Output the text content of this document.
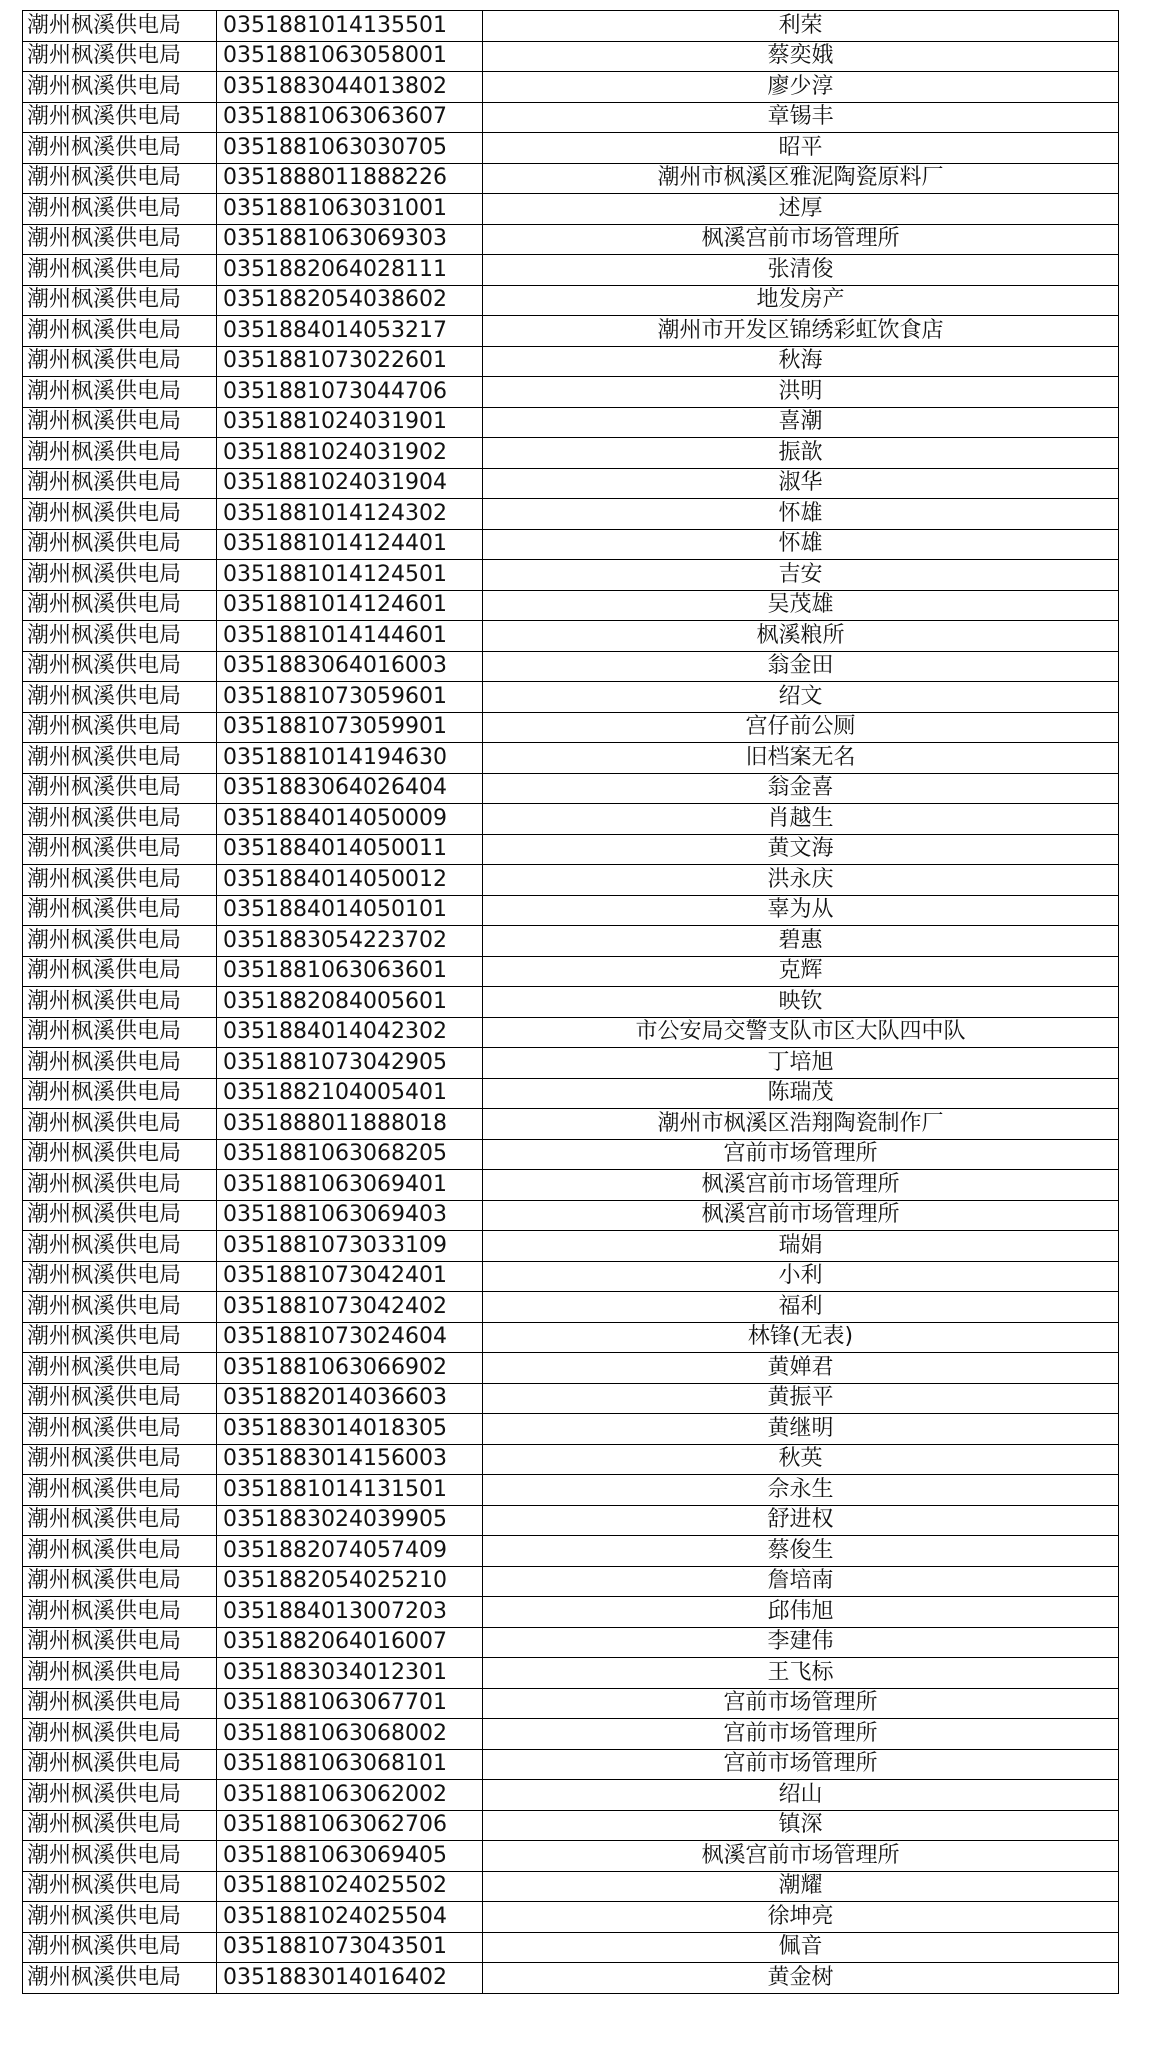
潮州枫溪供电局	0351881014135501	利荣
潮州枫溪供电局	0351881063058001	蔡奕娥
潮州枫溪供电局	0351883044013802	廖少淳
潮州枫溪供电局	0351881063063607	章锡丰
潮州枫溪供电局	0351881063030705	昭平
潮州枫溪供电局	0351888011888226	潮州市枫溪区雅泥陶瓷原料厂
潮州枫溪供电局	0351881063031001	述厚
潮州枫溪供电局	0351881063069303	枫溪宫前市场管理所
潮州枫溪供电局	0351882064028111	张清俊
潮州枫溪供电局	0351882054038602	地发房产
潮州枫溪供电局	0351884014053217	潮州市开发区锦绣彩虹饮食店
潮州枫溪供电局	0351881073022601	秋海
潮州枫溪供电局	0351881073044706	洪明
潮州枫溪供电局	0351881024031901	喜潮
潮州枫溪供电局	0351881024031902	振歆
潮州枫溪供电局	0351881024031904	淑华
潮州枫溪供电局	0351881014124302	怀雄
潮州枫溪供电局	0351881014124401	怀雄
潮州枫溪供电局	0351881014124501	吉安
潮州枫溪供电局	0351881014124601	吴茂雄
潮州枫溪供电局	0351881014144601	枫溪粮所
潮州枫溪供电局	0351883064016003	翁金田
潮州枫溪供电局	0351881073059601	绍文
潮州枫溪供电局	0351881073059901	宫仔前公厕
潮州枫溪供电局	0351881014194630	旧档案无名
潮州枫溪供电局	0351883064026404	翁金喜
潮州枫溪供电局	0351884014050009	肖越生
潮州枫溪供电局	0351884014050011	黄文海
潮州枫溪供电局	0351884014050012	洪永庆
潮州枫溪供电局	0351884014050101	辜为从
潮州枫溪供电局	0351883054223702	碧惠
潮州枫溪供电局	0351881063063601	克辉
潮州枫溪供电局	0351882084005601	映钦
潮州枫溪供电局	0351884014042302	市公安局交警支队市区大队四中队
潮州枫溪供电局	0351881073042905	丁培旭
潮州枫溪供电局	0351882104005401	陈瑞茂
潮州枫溪供电局	0351888011888018	潮州市枫溪区浩翔陶瓷制作厂
潮州枫溪供电局	0351881063068205	宫前市场管理所
潮州枫溪供电局	0351881063069401	枫溪宫前市场管理所
潮州枫溪供电局	0351881063069403	枫溪宫前市场管理所
潮州枫溪供电局	0351881073033109	瑞娟
潮州枫溪供电局	0351881073042401	小利
潮州枫溪供电局	0351881073042402	福利
潮州枫溪供电局	0351881073024604	林锋(无表)
潮州枫溪供电局	0351881063066902	黄婵君
潮州枫溪供电局	0351882014036603	黄振平
潮州枫溪供电局	0351883014018305	黄继明
潮州枫溪供电局	0351883014156003	秋英
潮州枫溪供电局	0351881014131501	佘永生
潮州枫溪供电局	0351883024039905	舒进权
潮州枫溪供电局	0351882074057409	蔡俊生
潮州枫溪供电局	0351882054025210	詹培南
潮州枫溪供电局	0351884013007203	邱伟旭
潮州枫溪供电局	0351882064016007	李建伟
潮州枫溪供电局	0351883034012301	王飞标
潮州枫溪供电局	0351881063067701	宫前市场管理所
潮州枫溪供电局	0351881063068002	宫前市场管理所
潮州枫溪供电局	0351881063068101	宫前市场管理所
潮州枫溪供电局	0351881063062002	绍山
潮州枫溪供电局	0351881063062706	镇深
潮州枫溪供电局	0351881063069405	枫溪宫前市场管理所
潮州枫溪供电局	0351881024025502	潮耀
潮州枫溪供电局	0351881024025504	徐坤亮
潮州枫溪供电局	0351881073043501	佩音
潮州枫溪供电局	0351883014016402	黄金树
